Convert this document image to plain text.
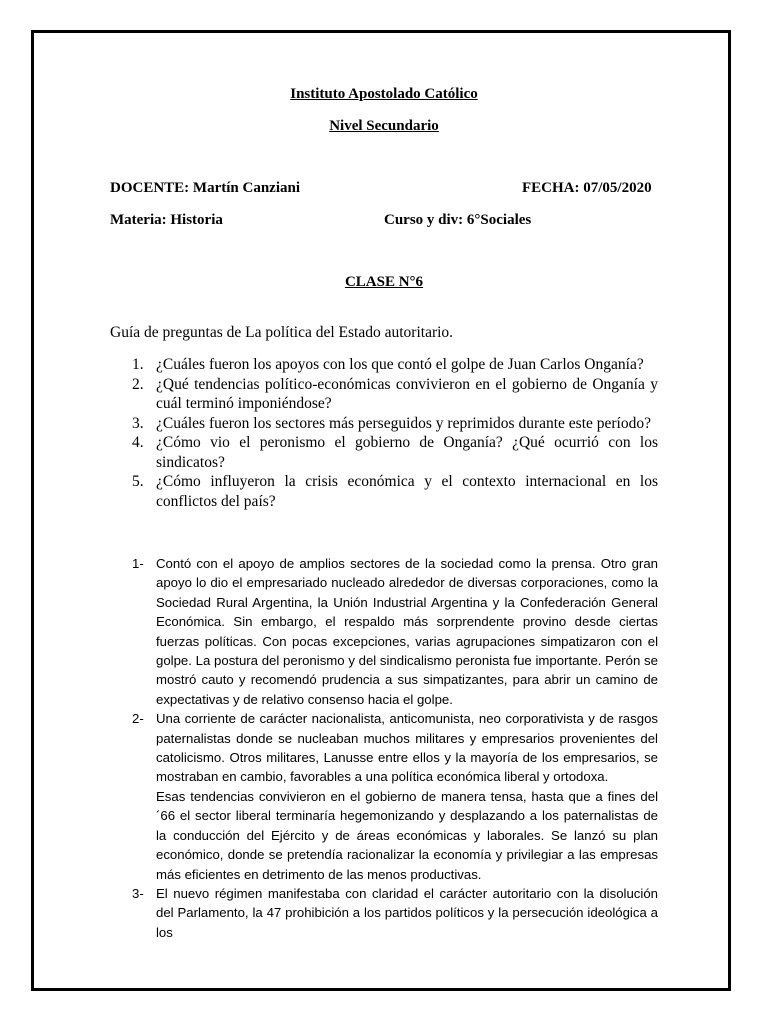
Instituto Apostolado Católico
Nivel Secundario
DOCENTE: Martín Canziani	FECHA: 07/05/2020
Materia: Historia	Curso y div: 6°Sociales
CLASE N°6
Guía de preguntas de La política del Estado autoritario.
1. ¿Cuáles fueron los apoyos con los que contó el golpe de Juan Carlos Onganía?
2. ¿Qué tendencias político-económicas convivieron en el gobierno de Onganía y cuál terminó imponiéndose?
3. ¿Cuáles fueron los sectores más perseguidos y reprimidos durante este período?
4. ¿Cómo vio el peronismo el gobierno de Onganía? ¿Qué ocurrió con los sindicatos?
5. ¿Cómo influyeron la crisis económica y el contexto internacional en los conflictos del país?
1- Contó con el apoyo de amplios sectores de la sociedad como la prensa. Otro gran apoyo lo dio el empresariado nucleado alrededor de diversas corporaciones, como la Sociedad Rural Argentina, la Unión Industrial Argentina y la Confederación General Económica. Sin embargo, el respaldo más sorprendente provino desde ciertas fuerzas políticas. Con pocas excepciones, varias agrupaciones simpatizaron con el golpe. La postura del peronismo y del sindicalismo peronista fue importante. Perón se mostró cauto y recomendó prudencia a sus simpatizantes, para abrir un camino de expectativas y de relativo consenso hacia el golpe.

2- Una corriente de carácter nacionalista, anticomunista, neo corporativista y de rasgos paternalistas donde se nucleaban muchos militares y empresarios provenientes del catolicismo. Otros militares, Lanusse entre ellos y la mayoría de los empresarios, se mostraban en cambio, favorables a una política económica liberal y ortodoxa.

Esas tendencias convivieron en el gobierno de manera tensa, hasta que a fines del ´66 el sector liberal terminaría hegemonizando y desplazando a los paternalistas de la conducción del Ejército y de áreas económicas y laborales. Se lanzó su plan económico, donde se pretendía racionalizar la economía y privilegiar a las empresas más eficientes en detrimento de las menos productivas.

3- El nuevo régimen manifestaba con claridad el carácter autoritario con la disolución del Parlamento, la 47 prohibición a los partidos políticos y la persecución ideológica a los
